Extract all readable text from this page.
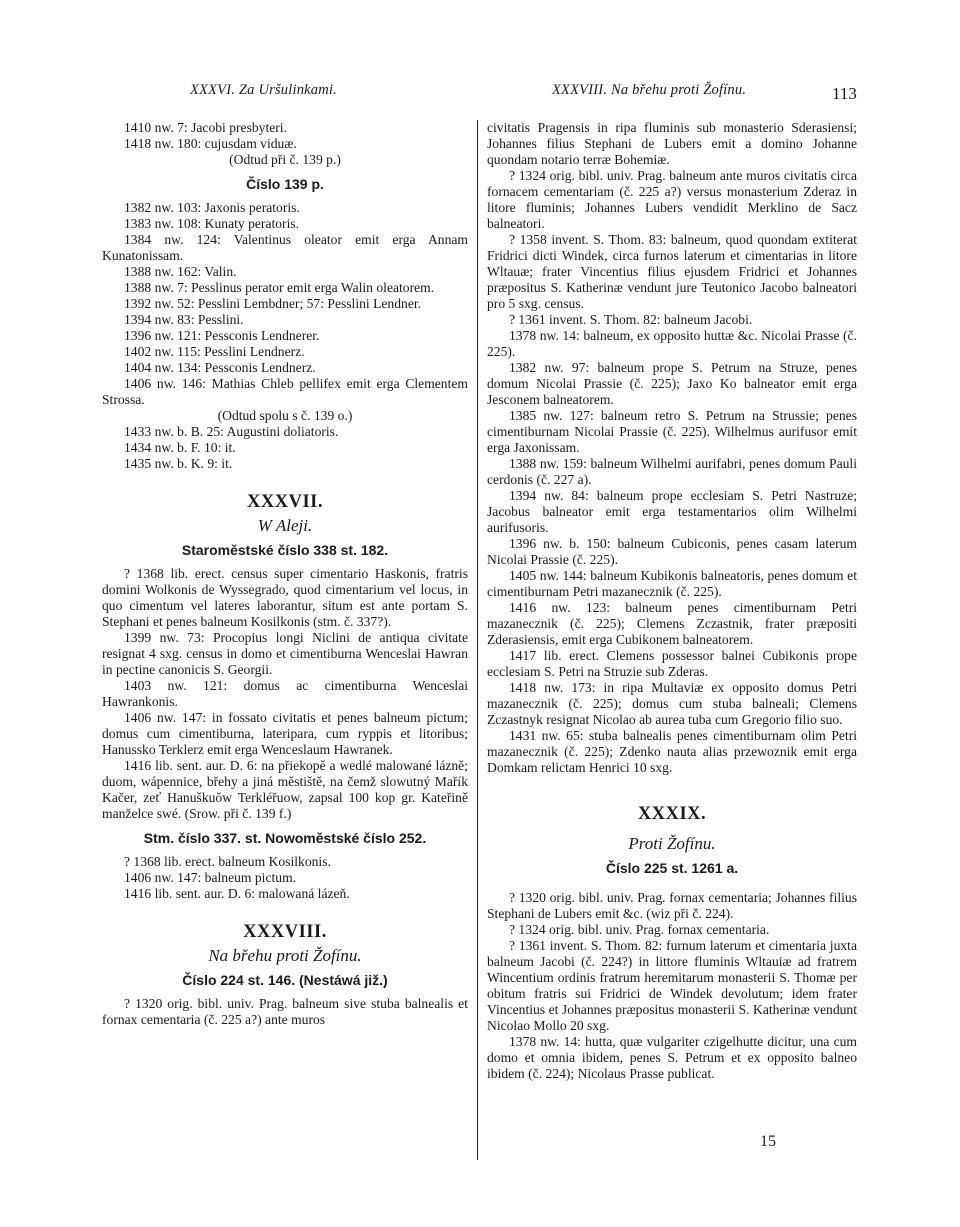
XXXVI. Za Uršulinkami.	XXXVIII. Na břehu proti Žofínu.	113

1410 nw. 7: Jacobi presbyteri.

1418 nw. 180: cujusdam viduæ.

(Odtud při č. 139 p.)

Číslo 139 p.

1382 nw. 103: Jaxonis peratoris.

1383 nw. 108: Kunaty peratoris.

1384 nw. 124: Valentinus oleator emit erga Annam Kunatonissam.

1388 nw. 162: Valin.

1388 nw. 7: Pesslinus perator emit erga Walin oleatorem.

1392 nw. 52: Pesslini Lembdner; 57: Pesslini Lendner.

1394 nw. 83: Pesslini.

1396 nw. 121: Pessconis Lendnerer.

1402 nw. 115: Pesslini Lendnerz.

1404 nw. 134: Pessconis Lendnerz.

1406 nw. 146: Mathias Chleb pellifex emit erga Clementem Strossa.

(Odtud spolu s č. 139 o.)

1433 nw. b. B. 25: Augustini doliatoris.

1434 nw. b. F. 10: it.

1435 nw. b. K. 9: it.

XXXVII.

W Aleji.

Staroměstské číslo 338 st. 182.

? 1368 lib. erect. census super cimentario Haskonis, fratris domini Wolkonis de Wyssegrado, quod cimentarium vel locus, in quo cimentum vel lateres laborantur, situm est ante portam S. Stephani et penes balneum Kosilkonis (stm. č. 337?).

1399 nw. 73: Procopius longi Niclini de antiqua civitate resignat 4 sxg. census in domo et cimentiburna Wenceslai Hawran in pectine canonicis S. Georgii.

1403 nw. 121: domus ac cimentiburna Wenceslai Hawrankonis.

1406 nw. 147: in fossato civitatis et penes balneum pictum; domus cum cimentiburna, lateripara, cum ryppis et litoribus; Hanussko Terklerz emit erga Wenceslaum Hawranek.

1416 lib. sent. aur. D. 6: na přiekopě a wedlé malowané lázně; duom, wápennice, břehy a jiná městiště, na čemž slowutný Mařík Kačer, zeť Hanuškuǒw Terkléřuow, zapsal 100 kop gr. Kateřině manželce swé. (Srow. při č. 139 f.)

Stm. číslo 337. st. Nowoměstské číslo 252.

? 1368 lib. erect. balneum Kosilkonis.

1406 nw. 147: balneum pictum.

1416 lib. sent. aur. D. 6: malowaná lázeň.

XXXVIII.

Na břehu proti Žofínu.

Číslo 224 st. 146. (Nestáwá již.)

? 1320 orig. bibl. univ. Prag. balneum sive stuba balnealis et fornax cementaria (č. 225 a?) ante muros

civitatis Pragensis in ripa fluminis sub monasterio Sderasiensi; Johannes filius Stephani de Lubers emit a domino Johanne quondam notario terræ Bohemiæ.

? 1324 orig. bibl. univ. Prag. balneum ante muros civitatis circa fornacem cementariam (č. 225 a?) versus monasterium Zderaz in litore fluminis; Johannes Lubers vendidit Merklino de Sacz balneatori.

? 1358 invent. S. Thom. 83: balneum, quod quondam extiterat Fridrici dicti Windek, circa furnos laterum et cimentarias in litore Wltauæ; frater Vincentius filius ejusdem Fridrici et Johannes præpositus S. Katherinæ vendunt jure Teutonico Jacobo balneatori pro 5 sxg. census.

? 1361 invent. S. Thom. 82: balneum Jacobi.

1378 nw. 14: balneum, ex opposito huttæ &c. Nicolai Prasse (č. 225).

1382 nw. 97: balneum prope S. Petrum na Struze, penes domum Nicolai Prassie (č. 225); Jaxo Ko balneator emit erga Jesconem balneatorem.

1385 nw. 127: balneum retro S. Petrum na Strussie; penes cimentiburnam Nicolai Prassie (č. 225). Wilhelmus aurifusor emit erga Jaxonissam.

1388 nw. 159: balneum Wilhelmi aurifabri, penes domum Pauli cerdonis (č. 227 a).

1394 nw. 84: balneum prope ecclesiam S. Petri Nastruze; Jacobus balneator emit erga testamentarios olim Wilhelmi aurifusoris.

1396 nw. b. 150: balneum Cubiconis, penes casam laterum Nicolai Prassie (č. 225).

1405 nw. 144: balneum Kubikonis balneatoris, penes domum et cimentiburnam Petri mazanecznik (č. 225).

1416 nw. 123: balneum penes cimentiburnam Petri mazanecznik (č. 225); Clemens Zczastnik, frater præpositi Zderasiensis, emit erga Cubikonem balneatorem.

1417 lib. erect. Clemens possessor balnei Cubikonis prope ecclesiam S. Petri na Struzie sub Zderas.

1418 nw. 173: in ripa Multaviæ ex opposito domus Petri mazanecznik (č. 225); domus cum stuba balneali; Clemens Zczastnyk resignat Nicolao ab aurea tuba cum Gregorio filio suo.

1431 nw. 65: stuba balnealis penes cimentiburnam olim Petri mazanecznik (č. 225); Zdenko nauta alias przewoznik emit erga Domkam relictam Henrici 10 sxg.

XXXIX.

Proti Žofínu.

Číslo 225 st. 1261 a.

? 1320 orig. bibl. univ. Prag. fornax cementaria; Johannes filius Stephani de Lubers emit &c. (wiz při č. 224).

? 1324 orig. bibl. univ. Prag. fornax cementaria.

? 1361 invent. S. Thom. 82: furnum laterum et cimentaria juxta balneum Jacobi (č. 224?) in littore fluminis Wltauiæ ad fratrem Wincentium ordinis fratrum heremitarum monasterii S. Thomæ per obitum fratris sui Fridrici de Windek devolutum; idem frater Vincentius et Johannes præpositus monasterii S. Katherinæ vendunt Nicolao Mollo 20 sxg.

1378 nw. 14: hutta, quæ vulgariter czigelhutte dicitur, una cum domo et omnia ibidem, penes S. Petrum et ex opposito balneo ibidem (č. 224); Nicolaus Prasse publicat.

15
